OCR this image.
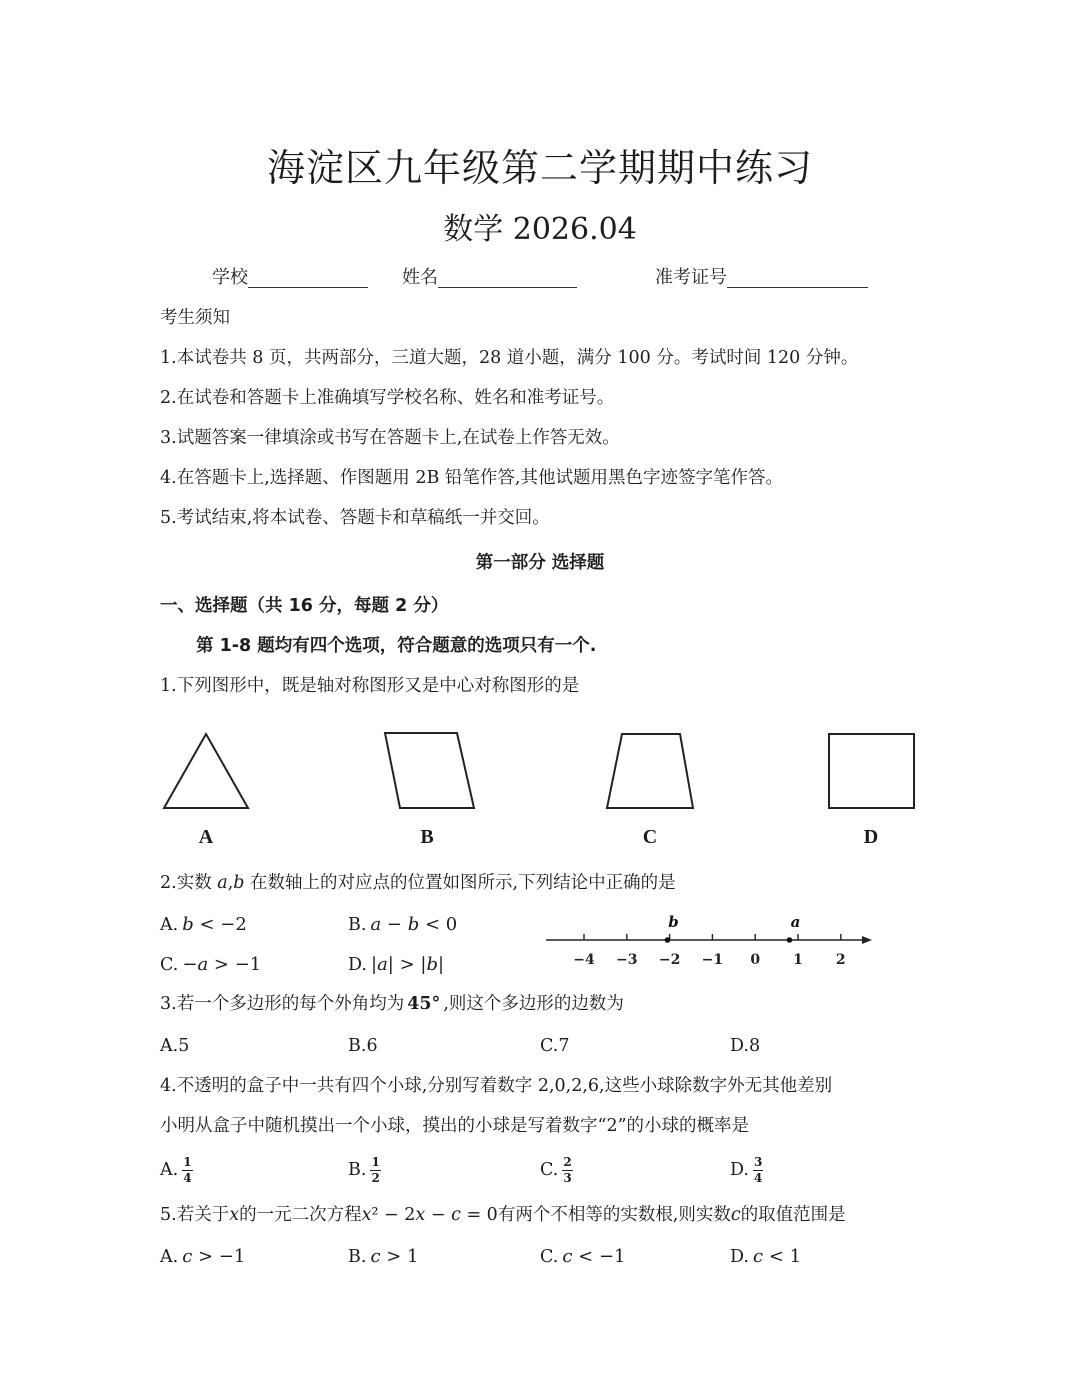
海淀区九年级第二学期期中练习
数学 2026.04
学校	姓名	准考证号
考生须知
1.本试卷共 8 页，共两部分，三道大题，28 道小题，满分 100 分。考试时间 120 分钟。
2.在试卷和答题卡上准确填写学校名称、姓名和准考证号。
3.试题答案一律填涂或书写在答题卡上,在试卷上作答无效。
4.在答题卡上,选择题、作图题用 2B 铅笔作答,其他试题用黑色字迹签字笔作答。
5.考试结束,将本试卷、答题卡和草稿纸一并交回。
第一部分 选择题
一、选择题（共 16 分，每题 2 分）
第 1-8 题均有四个选项，符合题意的选项只有一个.
1.下列图形中，既是轴对称图形又是中心对称图形的是
A	B	C	D
2.实数 a,b 在数轴上的对应点的位置如图所示,下列结论中正确的是
A. b < −2	B. a − b < 0
C. −a > −1	D. |a| > |b|	−4 −3 −2 −1 0 1 2
b	a
3.若一个多边形的每个外角均为 45° ,则这个多边形的边数为
A.5	B.6	C.7	D.8
4.不透明的盒子中一共有四个小球,分别写着数字 2,0,2,6,这些小球除数字外无其他差别
小明从盒子中随机摸出一个小球，摸出的小球是写着数字“2”的小球的概率是
A. $\frac{1}{4}$	B. $\frac{1}{2}$	C. $\frac{2}{3}$	D. $\frac{3}{4}$
5.若关于x的一元二次方程x² − 2x − c = 0有两个不相等的实数根,则实数c的取值范围是
A. c > −1	B. c > 1	C. c < −1	D. c < 1
